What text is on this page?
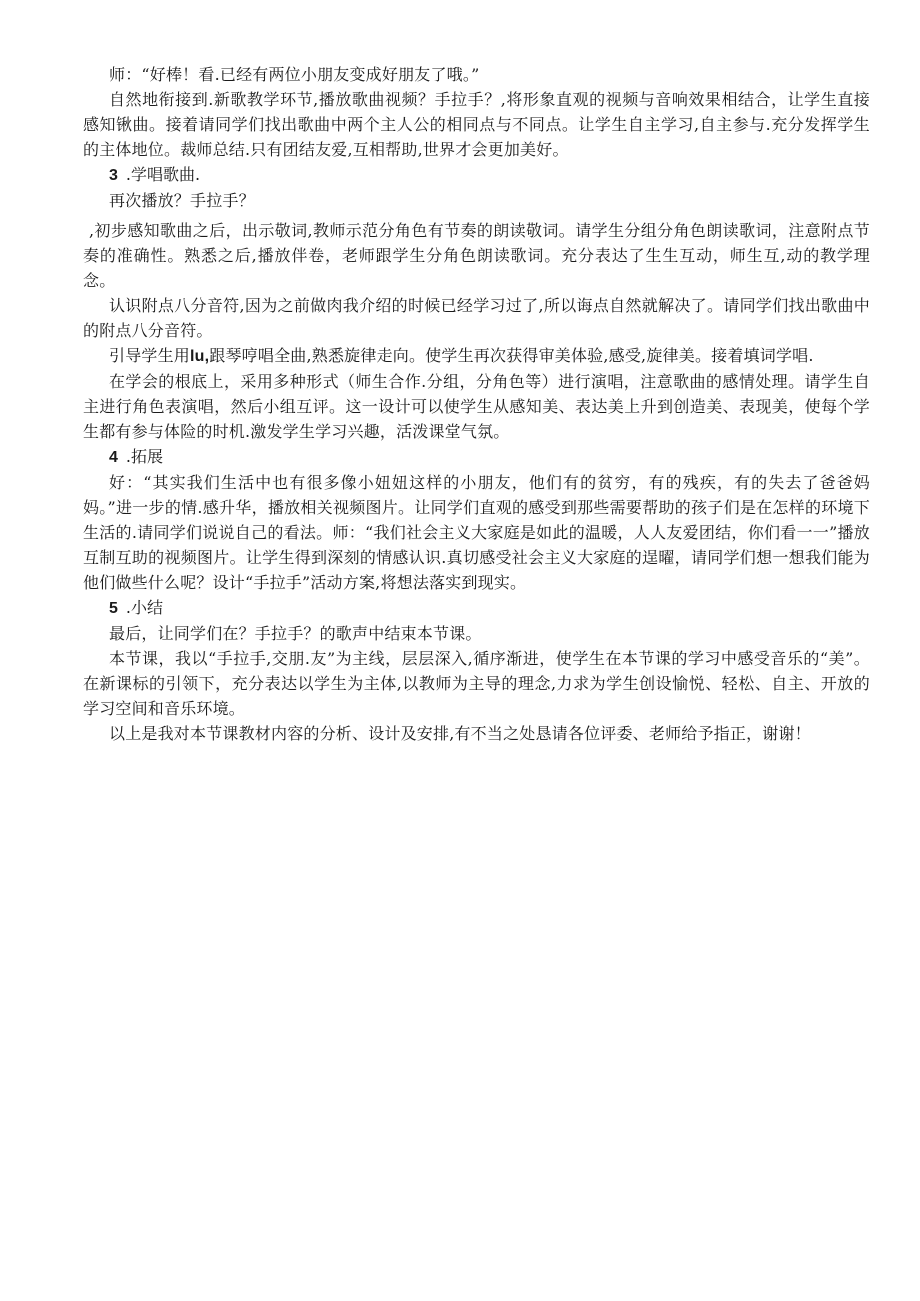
师：“好棒！看.已经有两位小朋友变成好朋友了哦。”

自然地衔接到.新歌教学环节,播放歌曲视频？手拉手？,将形象直观的视频与音响效果相结合，让学生直接感知锹曲。接着请同学们找出歌曲中两个主人公的相同点与不同点。让学生自主学习,自主参与.充分发挥学生的主体地位。裁师总结.只有团结友爱,互相帮助,世界才会更加美好。

3 .学唱歌曲.

再次播放？手拉手？

,初步感知歌曲之后，出示敬词,教师示范分角色有节奏的朗读敬词。请学生分组分角色朗读歌词，注意附点节奏的准确性。熟悉之后,播放伴卷，老师跟学生分角色朗读歌词。充分表达了生生互动，师生互,动的教学理念。

认识附点八分音符,因为之前做肉我介绍的时候已经学习过了,所以诲点自然就解决了。请同学们找出歌曲中的附点八分音符。

引导学生用lu,跟琴哼唱全曲,熟悉旋律走向。使学生再次获得审美体验,感受,旋律美。接着填词学唱.

在学会的根底上，采用多种形式（师生合作.分组，分角色等）进行演唱，注意歌曲的感情处理。请学生自主进行角色表演唱，然后小组互评。这一设计可以使学生从感知美、表达美上升到创造美、表现美，使每个学生都有参与体险的时机.激发学生学习兴趣，活泼课堂气氛。

4 .拓展

好：“其实我们生活中也有很多像小妞妞这样的小朋友，他们有的贫穷，有的残疾，有的失去了爸爸妈妈。”进一步的情.感升华，播放相关视频图片。让同学们直观的感受到那些需要帮助的孩子们是在怎样的环境下生活的.请同学们说说自己的看法。师：“我们社会主义大家庭是如此的温暖，人人友爱团结，你们看一一”播放互制互助的视频图片。让学生得到深刻的情感认识.真切感受社会主义大家庭的逞曜，请同学们想一想我们能为他们做些什么呢？设计“手拉手”活动方案,将想法落实到现实。

5 .小结

最后，让同学们在？手拉手？的歌声中结束本节课。

本节课，我以“手拉手,交朋.友”为主线，层层深入,循序渐进，使学生在本节课的学习中感受音乐的“美”。在新课标的引领下，充分表达以学生为主体,以教师为主导的理念,力求为学生创设愉悦、轻松、自主、开放的学习空间和音乐环境。

以上是我对本节课教材内容的分析、设计及安排,有不当之处恳请各位评委、老师给予指正，谢谢！
